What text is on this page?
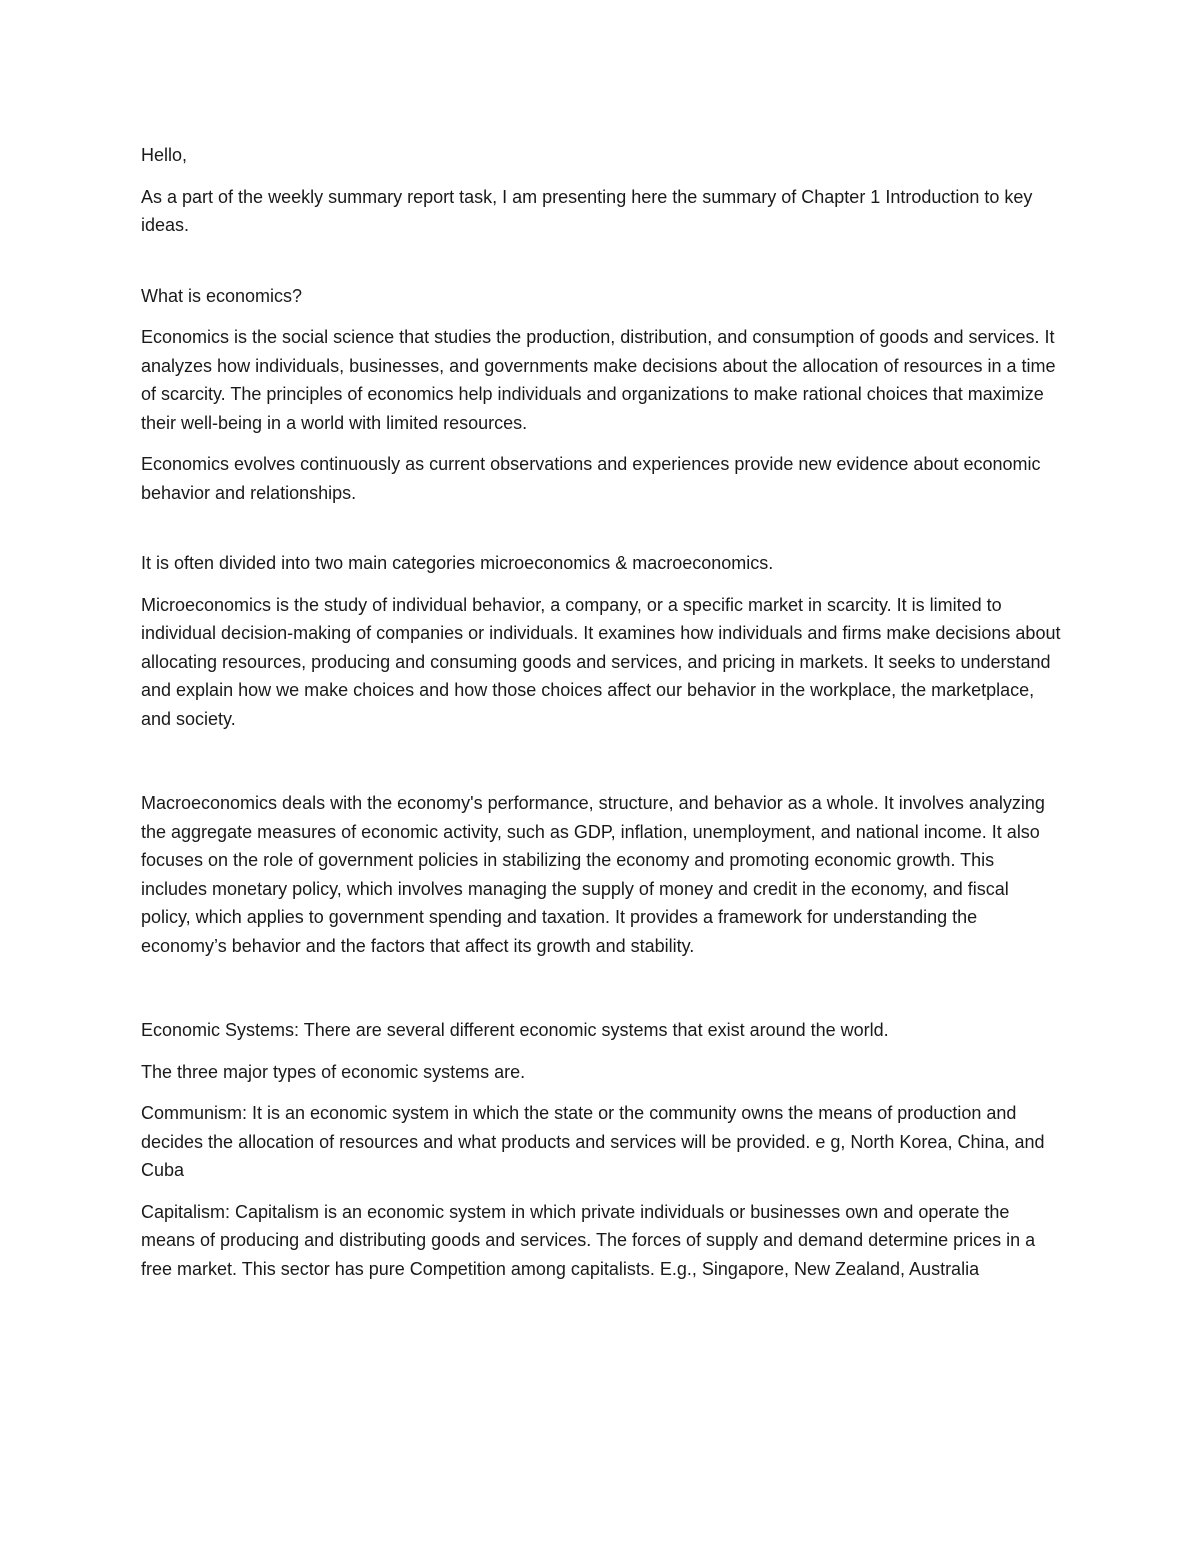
Hello,

As a part of the weekly summary report task, I am presenting here the summary of Chapter 1 Introduction to key ideas.

What is economics?

Economics is the social science that studies the production, distribution, and consumption of goods and services. It analyzes how individuals, businesses, and governments make decisions about the allocation of resources in a time of scarcity. The principles of economics help individuals and organizations to make rational choices that maximize their well-being in a world with limited resources.

Economics evolves continuously as current observations and experiences provide new evidence about economic behavior and relationships.

It is often divided into two main categories microeconomics & macroeconomics.

Microeconomics is the study of individual behavior, a company, or a specific market in scarcity. It is limited to individual decision-making of companies or individuals. It examines how individuals and firms make decisions about allocating resources, producing and consuming goods and services, and pricing in markets. It seeks to understand and explain how we make choices and how those choices affect our behavior in the workplace, the marketplace, and society.

Macroeconomics deals with the economy's performance, structure, and behavior as a whole. It involves analyzing the aggregate measures of economic activity, such as GDP, inflation, unemployment, and national income. It also focuses on the role of government policies in stabilizing the economy and promoting economic growth. This includes monetary policy, which involves managing the supply of money and credit in the economy, and fiscal policy, which applies to government spending and taxation. It provides a framework for understanding the economy’s behavior and the factors that affect its growth and stability.

Economic Systems: There are several different economic systems that exist around the world.

The three major types of economic systems are.

Communism: It is an economic system in which the state or the community owns the means of production and decides the allocation of resources and what products and services will be provided. e g, North Korea, China, and Cuba

Capitalism: Capitalism is an economic system in which private individuals or businesses own and operate the means of producing and distributing goods and services. The forces of supply and demand determine prices in a free market. This sector has pure Competition among capitalists. E.g., Singapore, New Zealand, Australia
